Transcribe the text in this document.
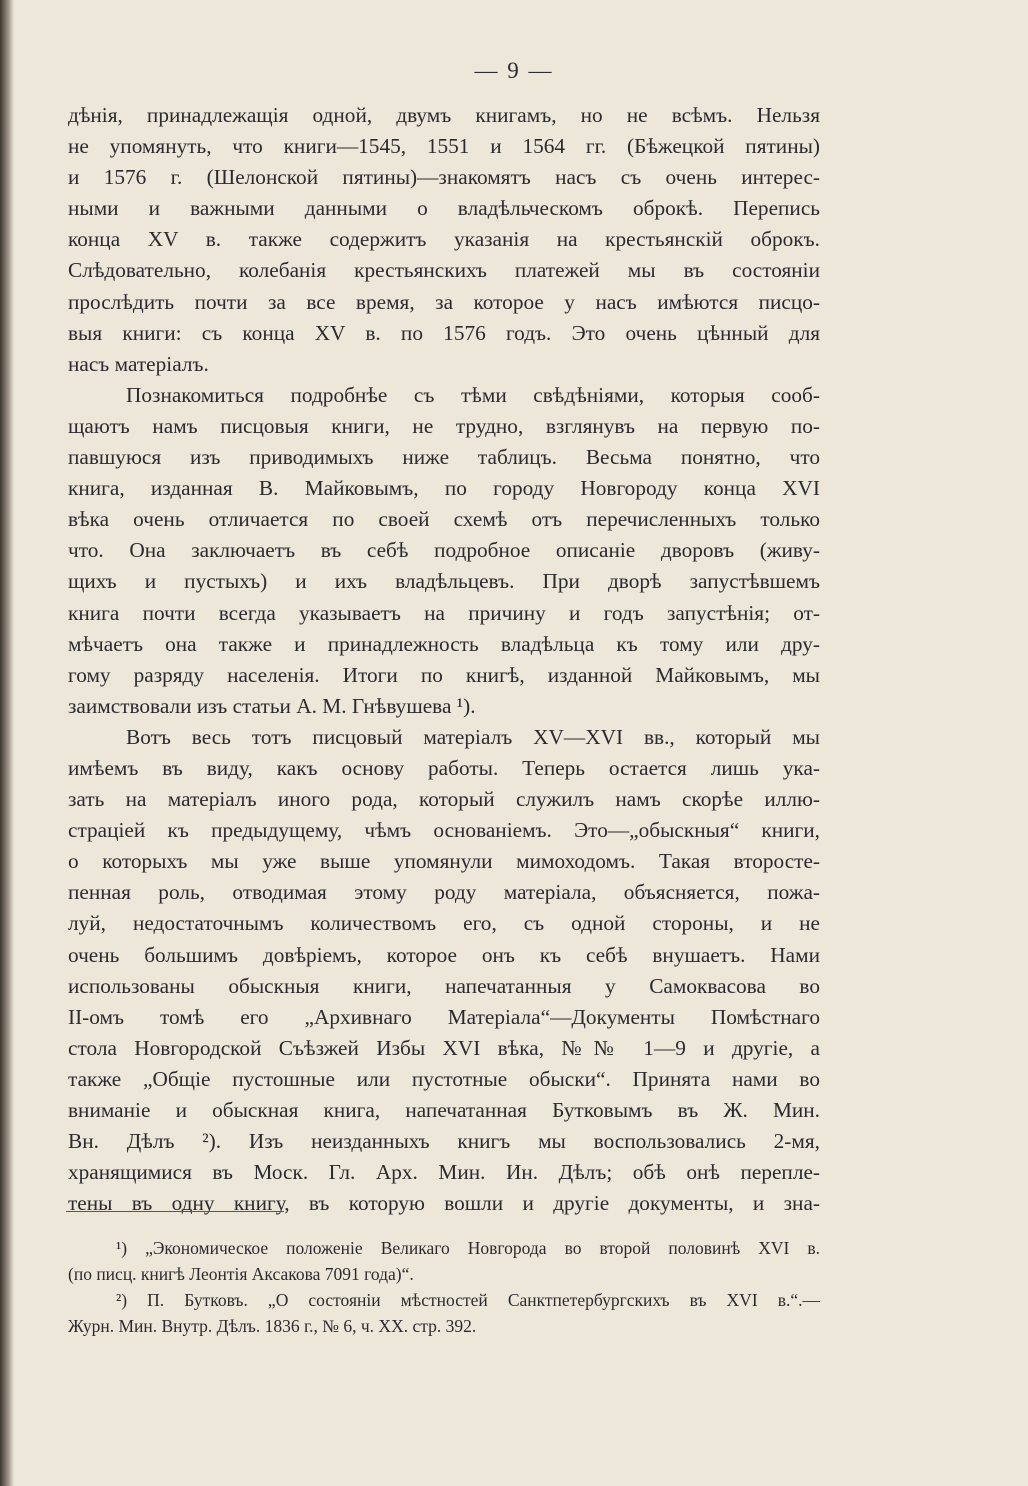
— 9 —
дѣнія, принадлежащія одной, двумъ книгамъ, но не всѣмъ. Нельзя
не упомянуть, что книги—1545, 1551 и 1564 гг. (Бѣжецкой пятины)
и 1576 г. (Шелонской пятины)—знакомятъ насъ съ очень интерес-
ными и важными данными о владѣльческомъ оброкѣ. Перепись
конца XV в. также содержитъ указанія на крестьянскій оброкъ.
Слѣдовательно, колебанія крестьянскихъ платежей мы въ состояніи
прослѣдить почти за все время, за которое у насъ имѣются писцо-
выя книги: съ конца XV в. по 1576 годъ. Это очень цѣнный для
насъ матеріалъ.
Познакомиться подробнѣе съ тѣми свѣдѣніями, которыя сооб-
щаютъ намъ писцовыя книги, не трудно, взглянувъ на первую по-
павшуюся изъ приводимыхъ ниже таблицъ. Весьма понятно, что
книга, изданная В. Майковымъ, по городу Новгороду конца XVI
вѣка очень отличается по своей схемѣ отъ перечисленныхъ только
что. Она заключаетъ въ себѣ подробное описаніе дворовъ (живу-
щихъ и пустыхъ) и ихъ владѣльцевъ. При дворѣ запустѣвшемъ
книга почти всегда указываетъ на причину и годъ запустѣнія; от-
мѣчаетъ она также и принадлежность владѣльца къ тому или дру-
гому разряду населенія. Итоги по книгѣ, изданной Майковымъ, мы
заимствовали изъ статьи А. М. Гнѣвушева ¹).
Вотъ весь тотъ писцовый матеріалъ XV—XVI вв., который мы
имѣемъ въ виду, какъ основу работы. Теперь остается лишь ука-
зать на матеріалъ иного рода, который служилъ намъ скорѣе иллю-
страціей къ предыдущему, чѣмъ основаніемъ. Это—„обыскныя“ книги,
о которыхъ мы уже выше упомянули мимоходомъ. Такая второсте-
пенная роль, отводимая этому роду матеріала, объясняется, пожа-
луй, недостаточнымъ количествомъ его, съ одной стороны, и не
очень большимъ довѣріемъ, которое онъ къ себѣ внушаетъ. Нами
использованы обыскныя книги, напечатанныя у Самоквасова во
II-омъ томѣ его „Архивнаго Матеріала“—Документы Помѣстнаго
стола Новгородской Съѣзжей Избы XVI вѣка, №№ 1—9 и другіе, а
также „Общіе пустошные или пустотные обыски“. Принята нами во
вниманіе и обыскная книга, напечатанная Бутковымъ въ Ж. Мин.
Вн. Дѣлъ ²). Изъ неизданныхъ книгъ мы воспользовались 2-мя,
хранящимися въ Моск. Гл. Арх. Мин. Ин. Дѣлъ; обѣ онѣ перепле-
тены въ одну книгу, въ которую вошли и другіе документы, и зна-
¹) „Экономическое положеніе Великаго Новгорода во второй половинѣ XVI в.
(по писц. книгѣ Леонтія Аксакова 7091 года)“.
²) П. Бутковъ. „О состояніи мѣстностей Санктпетербургскихъ въ XVI в.“.—
Журн. Мин. Внутр. Дѣлъ. 1836 г., № 6, ч. XX. стр. 392.
